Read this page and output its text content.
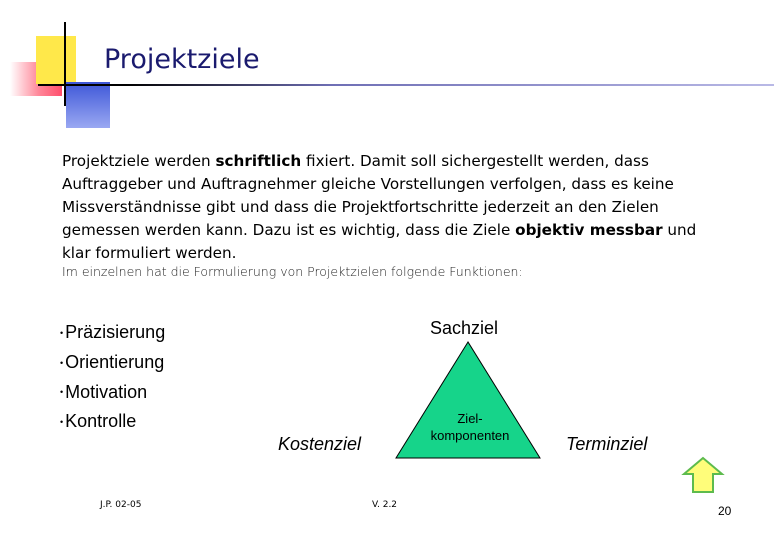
Projektziele
Projektziele werden schriftlich fixiert. Damit soll sichergestellt werden, dass Auftraggeber und Auftragnehmer gleiche Vorstellungen verfolgen, dass es keine Missverständnisse gibt und dass die Projektfortschritte jederzeit an den Zielen gemessen werden kann. Dazu ist es wichtig, dass die Ziele objektiv messbar und klar formuliert werden.
Im einzelnen hat die Formulierung von Projektzielen folgende Funktionen:
• Präzisierung
• Orientierung
• Motivation
• Kontrolle
Sachziel
Kostenziel	Terminziel
Ziel-
komponenten
J.P. 02-05	V. 2.2	20
